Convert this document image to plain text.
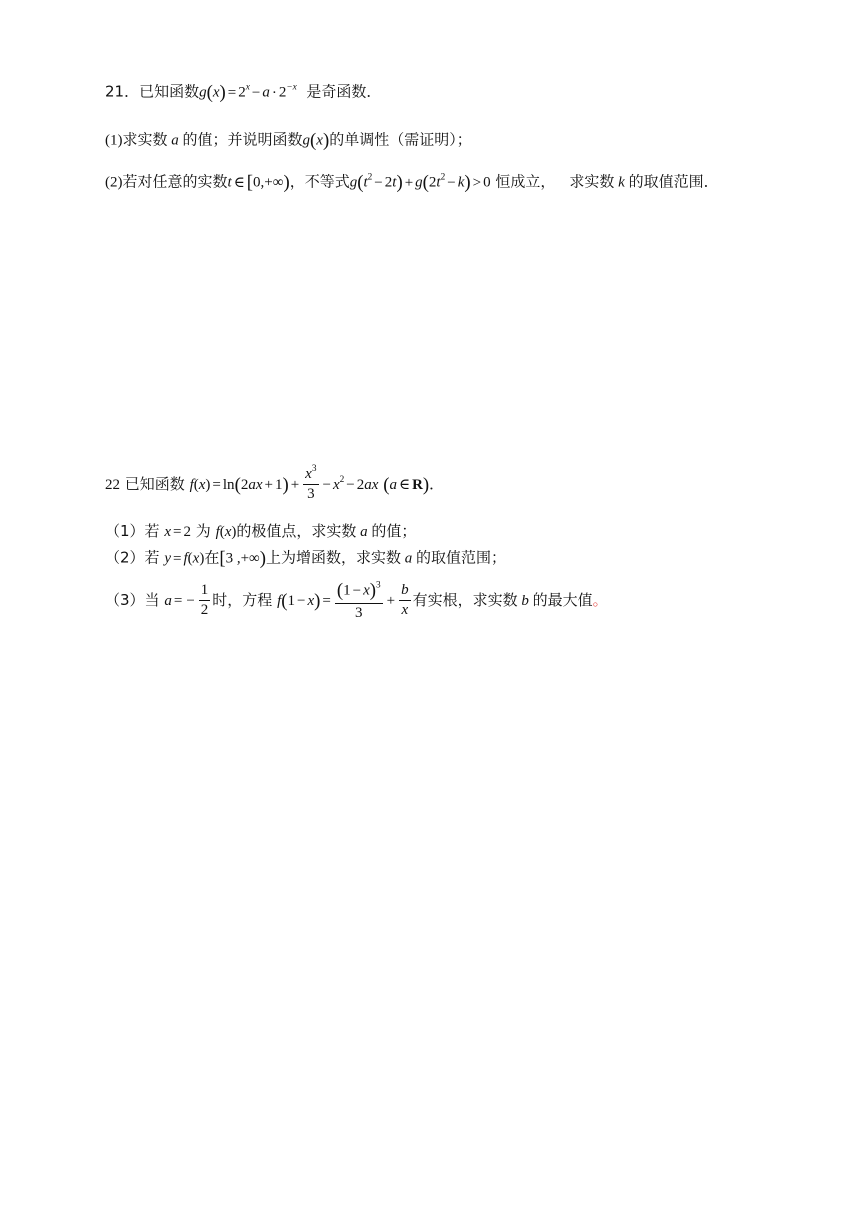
21．已知函数$g(x) = 2^x - a \cdot 2^{-x}$ 是奇函数．
(1)求实数 a 的值；并说明函数g(x)的单调性（需证明）；
(2)若对任意的实数t ∈ [0,+∞)，不等式$g(t^2 - 2t) + g(2t^2 - k) > 0$ 恒成立， 求实数 k 的取值范围．
22 已知函数 $f(x) = \ln(2ax + 1) + \frac{x^3}{3} - x^2 - 2ax$ (a ∈ R)．
（1）若 x = 2 为 f(x)的极值点，求实数 a 的值；
（2）若 y = f(x)在[3 ,+∞)上为增函数，求实数 a 的取值范围；
（3）当 a = − $\frac{1}{2}$ 时，方程 $f(1 - x) = \frac{(1 - x)^3}{3} + \frac{b}{x}$ 有实根，求实数 b 的最大值。
